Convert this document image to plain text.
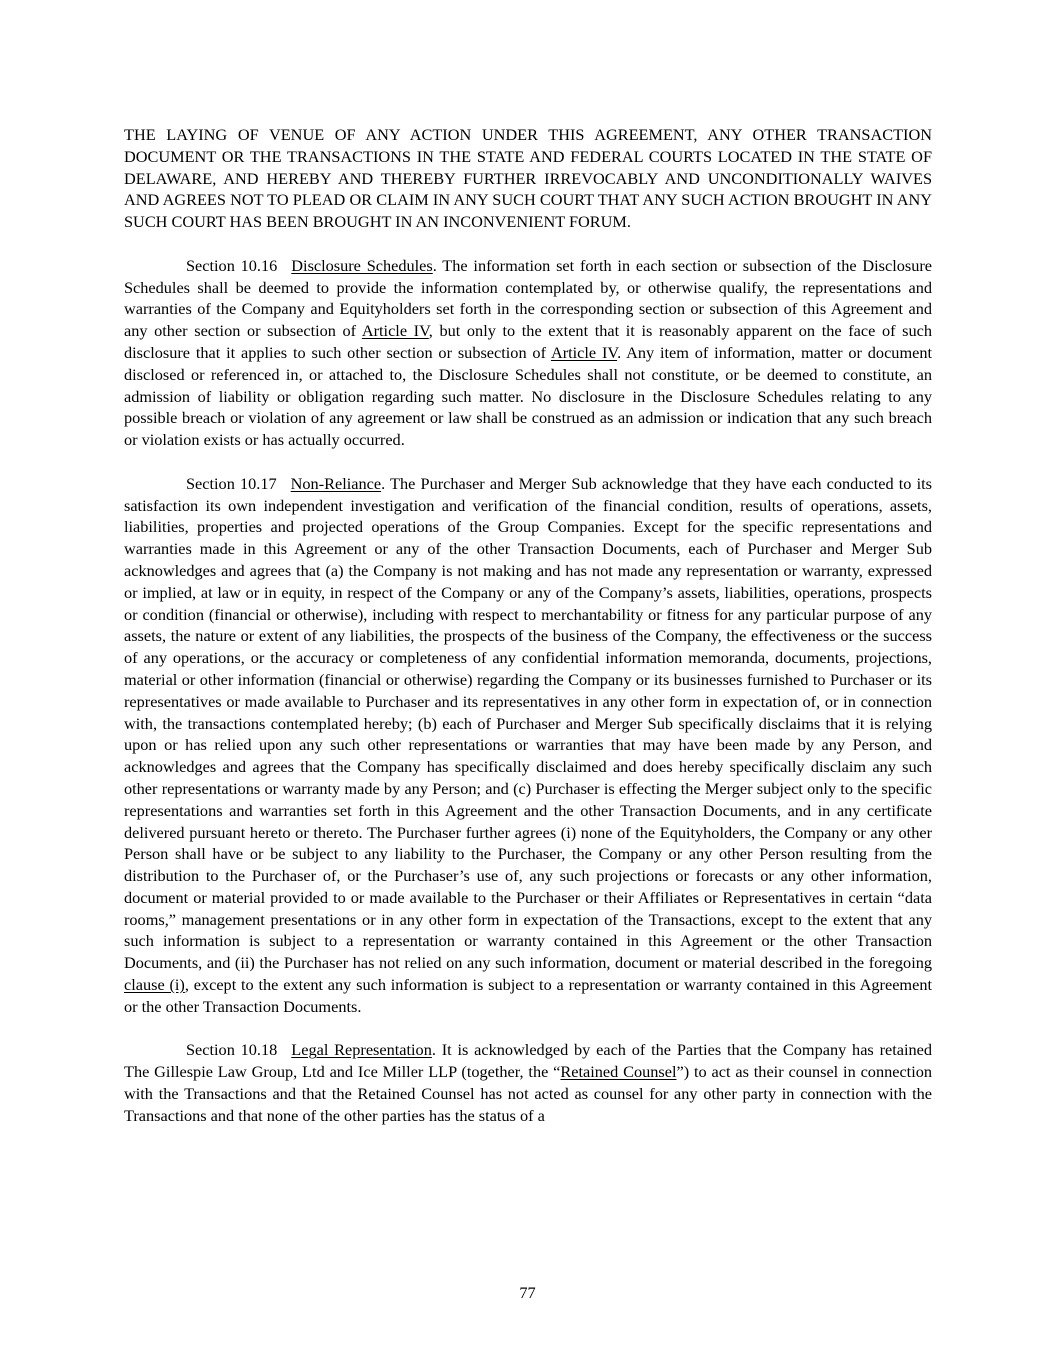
THE LAYING OF VENUE OF ANY ACTION UNDER THIS AGREEMENT, ANY OTHER TRANSACTION DOCUMENT OR THE TRANSACTIONS IN THE STATE AND FEDERAL COURTS LOCATED IN THE STATE OF DELAWARE, AND HEREBY AND THEREBY FURTHER IRREVOCABLY AND UNCONDITIONALLY WAIVES AND AGREES NOT TO PLEAD OR CLAIM IN ANY SUCH COURT THAT ANY SUCH ACTION BROUGHT IN ANY SUCH COURT HAS BEEN BROUGHT IN AN INCONVENIENT FORUM.

Section 10.16 Disclosure Schedules. The information set forth in each section or subsection of the Disclosure Schedules shall be deemed to provide the information contemplated by, or otherwise qualify, the representations and warranties of the Company and Equityholders set forth in the corresponding section or subsection of this Agreement and any other section or subsection of Article IV, but only to the extent that it is reasonably apparent on the face of such disclosure that it applies to such other section or subsection of Article IV. Any item of information, matter or document disclosed or referenced in, or attached to, the Disclosure Schedules shall not constitute, or be deemed to constitute, an admission of liability or obligation regarding such matter. No disclosure in the Disclosure Schedules relating to any possible breach or violation of any agreement or law shall be construed as an admission or indication that any such breach or violation exists or has actually occurred.

Section 10.17 Non-Reliance. The Purchaser and Merger Sub acknowledge that they have each conducted to its satisfaction its own independent investigation and verification of the financial condition, results of operations, assets, liabilities, properties and projected operations of the Group Companies. Except for the specific representations and warranties made in this Agreement or any of the other Transaction Documents, each of Purchaser and Merger Sub acknowledges and agrees that (a) the Company is not making and has not made any representation or warranty, expressed or implied, at law or in equity, in respect of the Company or any of the Company’s assets, liabilities, operations, prospects or condition (financial or otherwise), including with respect to merchantability or fitness for any particular purpose of any assets, the nature or extent of any liabilities, the prospects of the business of the Company, the effectiveness or the success of any operations, or the accuracy or completeness of any confidential information memoranda, documents, projections, material or other information (financial or otherwise) regarding the Company or its businesses furnished to Purchaser or its representatives or made available to Purchaser and its representatives in any other form in expectation of, or in connection with, the transactions contemplated hereby; (b) each of Purchaser and Merger Sub specifically disclaims that it is relying upon or has relied upon any such other representations or warranties that may have been made by any Person, and acknowledges and agrees that the Company has specifically disclaimed and does hereby specifically disclaim any such other representations or warranty made by any Person; and (c) Purchaser is effecting the Merger subject only to the specific representations and warranties set forth in this Agreement and the other Transaction Documents, and in any certificate delivered pursuant hereto or thereto. The Purchaser further agrees (i) none of the Equityholders, the Company or any other Person shall have or be subject to any liability to the Purchaser, the Company or any other Person resulting from the distribution to the Purchaser of, or the Purchaser’s use of, any such projections or forecasts or any other information, document or material provided to or made available to the Purchaser or their Affiliates or Representatives in certain “data rooms,” management presentations or in any other form in expectation of the Transactions, except to the extent that any such information is subject to a representation or warranty contained in this Agreement or the other Transaction Documents, and (ii) the Purchaser has not relied on any such information, document or material described in the foregoing clause (i), except to the extent any such information is subject to a representation or warranty contained in this Agreement or the other Transaction Documents.

Section 10.18 Legal Representation. It is acknowledged by each of the Parties that the Company has retained The Gillespie Law Group, Ltd and Ice Miller LLP (together, the “Retained Counsel”) to act as their counsel in connection with the Transactions and that the Retained Counsel has not acted as counsel for any other party in connection with the Transactions and that none of the other parties has the status of a

77
